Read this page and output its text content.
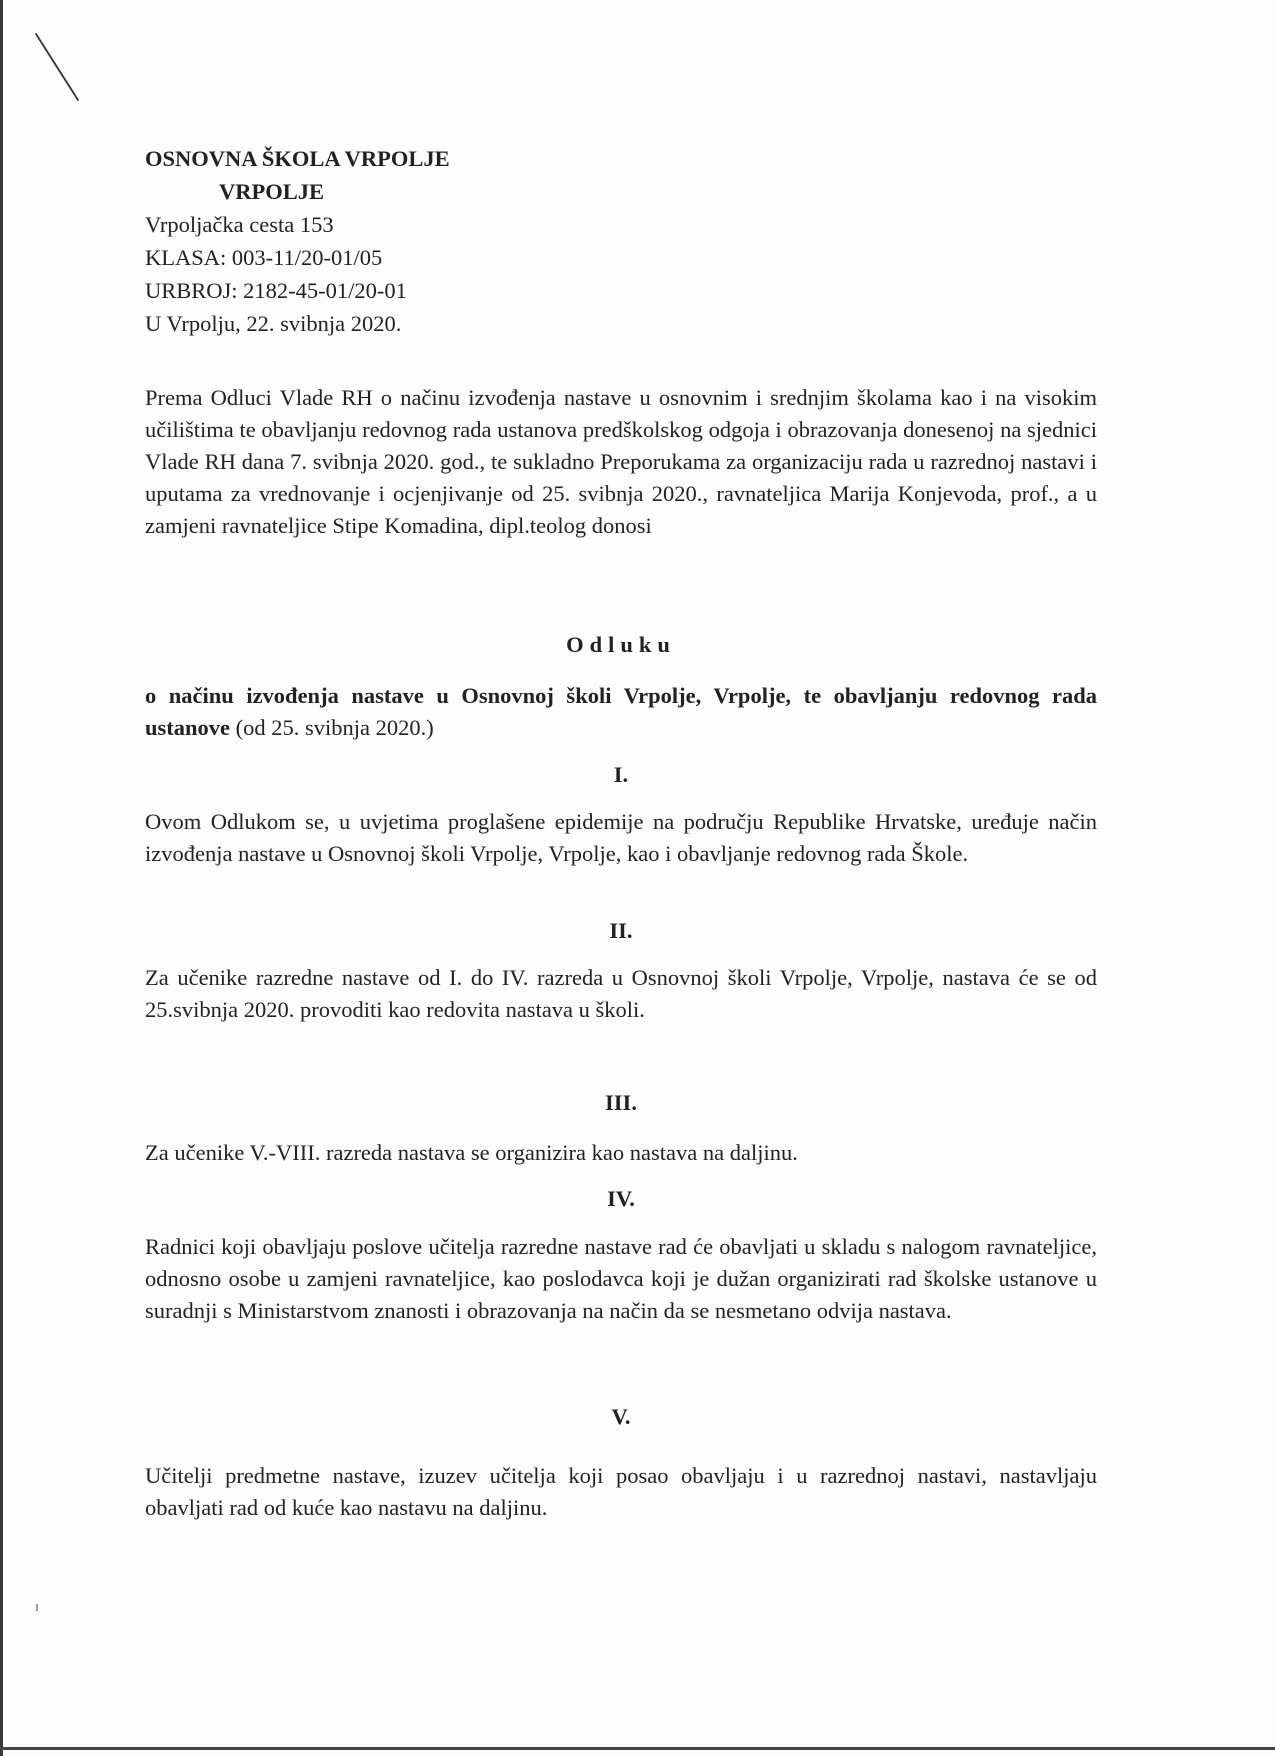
OSNOVNA ŠKOLA VRPOLJE
VRPOLJE
Vrpoljačka cesta 153
KLASA: 003-11/20-01/05
URBROJ: 2182-45-01/20-01
U Vrpolju, 22. svibnja 2020.

Prema Odluci Vlade RH o načinu izvođenja nastave u osnovnim i srednjim školama kao i na visokim učilištima te obavljanju redovnog rada ustanova predškolskog odgoja i obrazovanja donesenoj na sjednici Vlade RH dana 7. svibnja 2020. god., te sukladno Preporukama za organizaciju rada u razrednoj nastavi i uputama za vrednovanje i ocjenjivanje od 25. svibnja 2020., ravnateljica Marija Konjevoda, prof., a u zamjeni ravnateljice Stipe Komadina, dipl.teolog donosi

Odluku

o načinu izvođenja nastave u Osnovnoj školi Vrpolje, Vrpolje, te obavljanju redovnog rada ustanove (od 25. svibnja 2020.)

I.

Ovom Odlukom se, u uvjetima proglašene epidemije na području Republike Hrvatske, uređuje način izvođenja nastave u Osnovnoj školi Vrpolje, Vrpolje, kao i obavljanje redovnog rada Škole.

II.

Za učenike razredne nastave od I. do IV. razreda u Osnovnoj školi Vrpolje, Vrpolje, nastava će se od 25.svibnja 2020. provoditi kao redovita nastava u školi.

III.

Za učenike V.-VIII. razreda nastava se organizira kao nastava na daljinu.

IV.

Radnici koji obavljaju poslove učitelja razredne nastave rad će obavljati u skladu s nalogom ravnateljice, odnosno osobe u zamjeni ravnateljice, kao poslodavca koji je dužan organizirati rad školske ustanove u suradnji s Ministarstvom znanosti i obrazovanja na način da se nesmetano odvija nastava.

V.

Učitelji predmetne nastave, izuzev učitelja koji posao obavljaju i u razrednoj nastavi, nastavljaju obavljati rad od kuće kao nastavu na daljinu.
